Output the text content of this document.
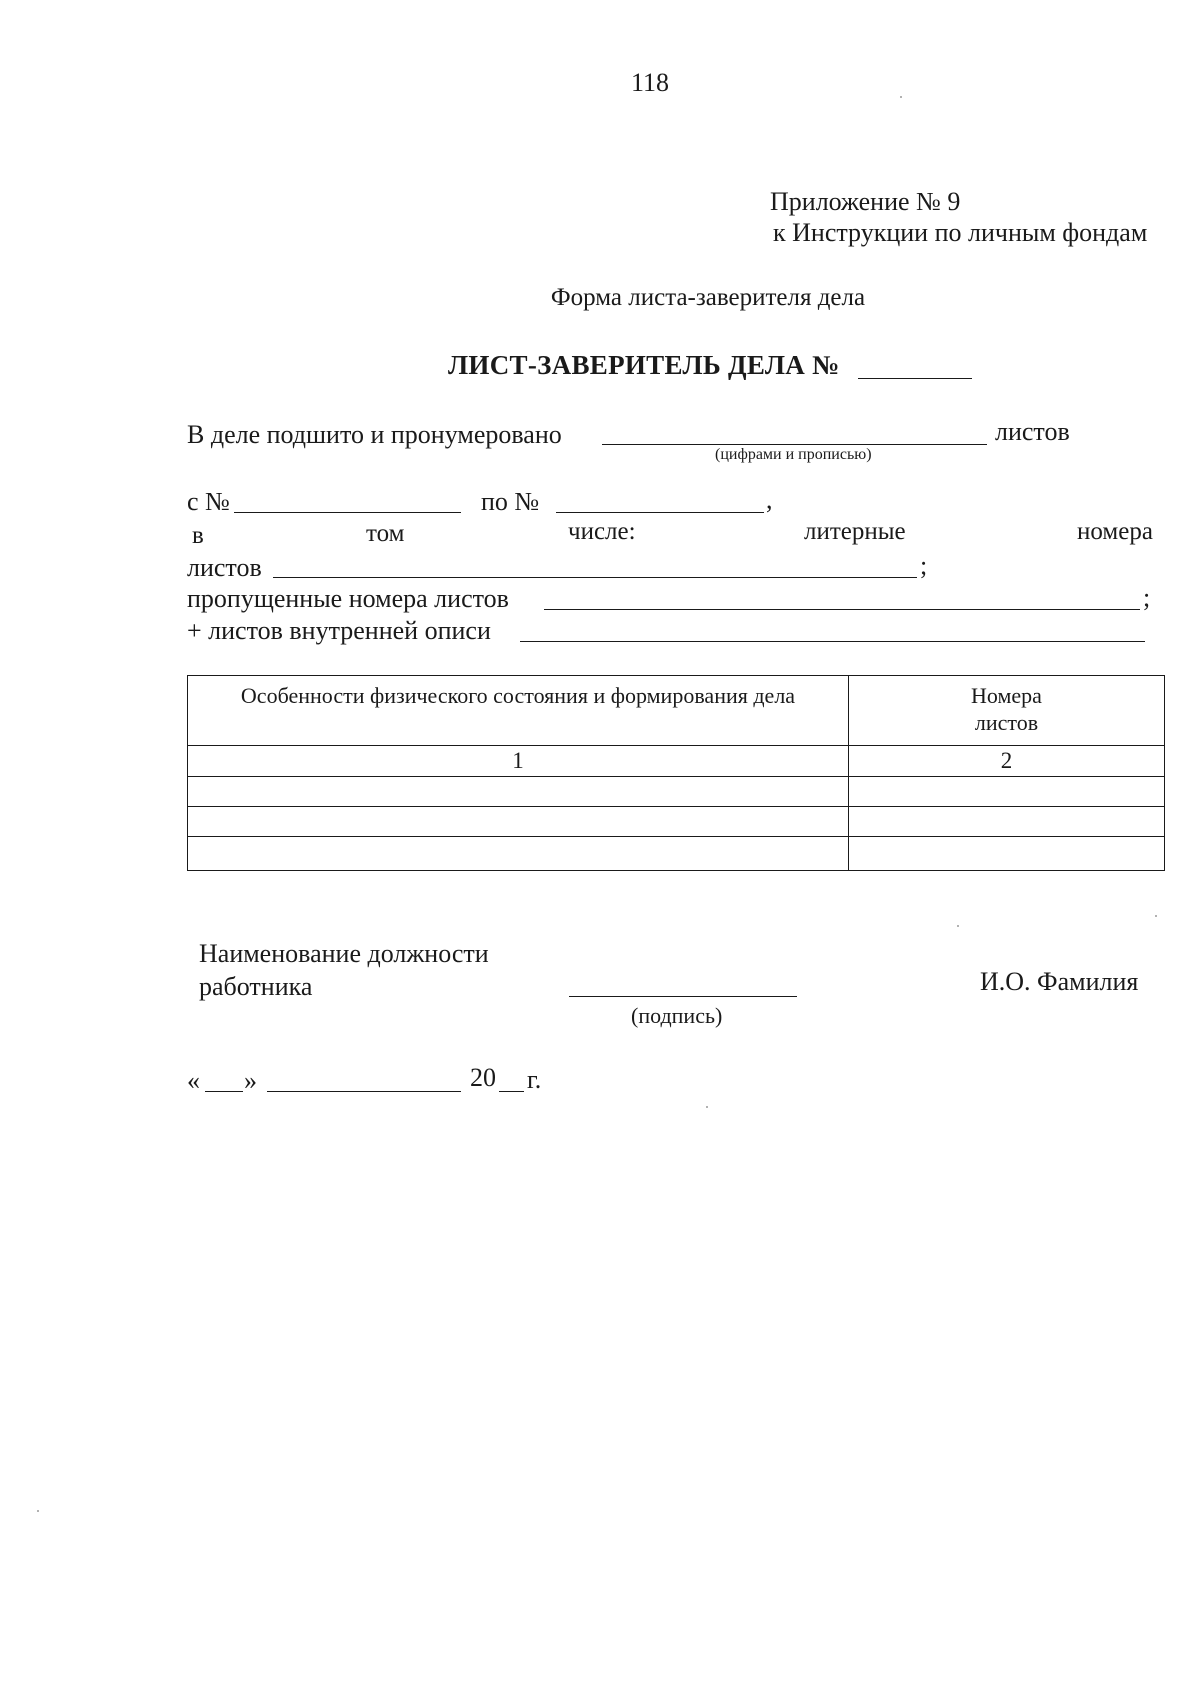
118
Приложение № 9
к Инструкции по личным фондам
Форма листа-заверителя дела
ЛИСТ-ЗАВЕРИТЕЛЬ ДЕЛА №
В деле подшито и пронумеровано	листов
(цифрами и прописью)
с №	по №	,
в	том	числе:	литерные	номера
листов	;
пропущенные номера листов	;
+ листов внутренней описи
Особенности физического состояния и формирования дела	Номера
листов
1	2

Наименование должности
работника
(подпись)
И.О. Фамилия
« »	20 г.
